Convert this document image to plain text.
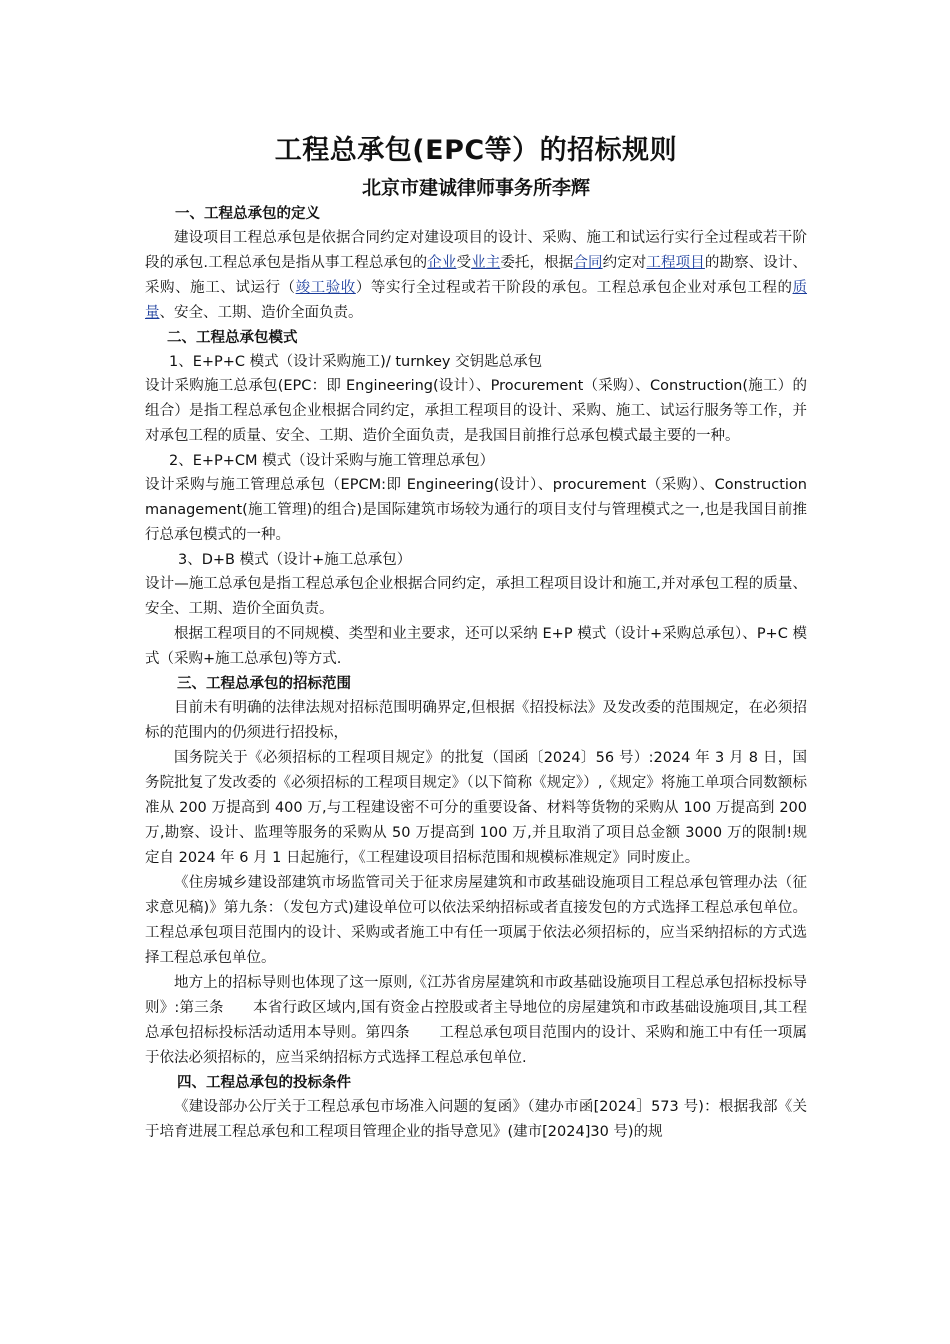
工程总承包(EPC等）的招标规则
北京市建诚律师事务所李辉
一、工程总承包的定义

建设项目工程总承包是依据合同约定对建设项目的设计、采购、施工和试运行实行全过程或若干阶段的承包.工程总承包是指从事工程总承包的企业受业主委托，根据合同约定对工程项目的勘察、设计、采购、施工、试运行（竣工验收）等实行全过程或若干阶段的承包。工程总承包企业对承包工程的质量、安全、工期、造价全面负责。

二、工程总承包模式
1、E+P+C 模式（设计采购施工)/ turnkey 交钥匙总承包

设计采购施工总承包(EPC：即 Engineering(设计）、Procurement（采购）、Construction(施工）的组合）是指工程总承包企业根据合同约定，承担工程项目的设计、采购、施工、试运行服务等工作，并对承包工程的质量、安全、工期、造价全面负责，是我国目前推行总承包模式最主要的一种。

2、E+P+CM 模式（设计采购与施工管理总承包）

设计采购与施工管理总承包（EPCM:即 Engineering(设计）、procurement（采购）、Construction management(施工管理)的组合)是国际建筑市场较为通行的项目支付与管理模式之一,也是我国目前推行总承包模式的一种。

3、D+B 模式（设计+施工总承包）

设计—施工总承包是指工程总承包企业根据合同约定，承担工程项目设计和施工,并对承包工程的质量、安全、工期、造价全面负责。

根据工程项目的不同规模、类型和业主要求，还可以采纳 E+P 模式（设计+采购总承包）、P+C 模式（采购+施工总承包)等方式.

三、工程总承包的招标范围

目前未有明确的法律法规对招标范围明确界定,但根据《招投标法》及发改委的范围规定，在必须招标的范围内的仍须进行招投标，

国务院关于《必须招标的工程项目规定》的批复（国函〔2024〕56 号）:2024 年 3 月 8 日，国务院批复了发改委的《必须招标的工程项目规定》（以下简称《规定》）,《规定》将施工单项合同数额标准从 200 万提高到 400 万,与工程建设密不可分的重要设备、材料等货物的采购从 100 万提高到 200 万,勘察、设计、监理等服务的采购从 50 万提高到 100 万,并且取消了项目总金额 3000 万的限制!规定自 2024 年 6 月 1 日起施行，《工程建设项目招标范围和规模标准规定》同时废止。

《住房城乡建设部建筑市场监管司关于征求房屋建筑和市政基础设施项目工程总承包管理办法（征求意见稿)》第九条：（发包方式)建设单位可以依法采纳招标或者直接发包的方式选择工程总承包单位。工程总承包项目范围内的设计、采购或者施工中有任一项属于依法必须招标的，应当采纳招标的方式选择工程总承包单位。

地方上的招标导则也体现了这一原则,《江苏省房屋建筑和市政基础设施项目工程总承包招标投标导则》:第三条　　本省行政区域内,国有资金占控股或者主导地位的房屋建筑和市政基础设施项目,其工程总承包招标投标活动适用本导则。第四条　　工程总承包项目范围内的设计、采购和施工中有任一项属于依法必须招标的，应当采纳招标方式选择工程总承包单位.

四、工程总承包的投标条件

《建设部办公厅关于工程总承包市场准入问题的复函》（建办市函[2024］573 号)：根据我部《关于培育进展工程总承包和工程项目管理企业的指导意见》(建市[2024]30 号)的规
